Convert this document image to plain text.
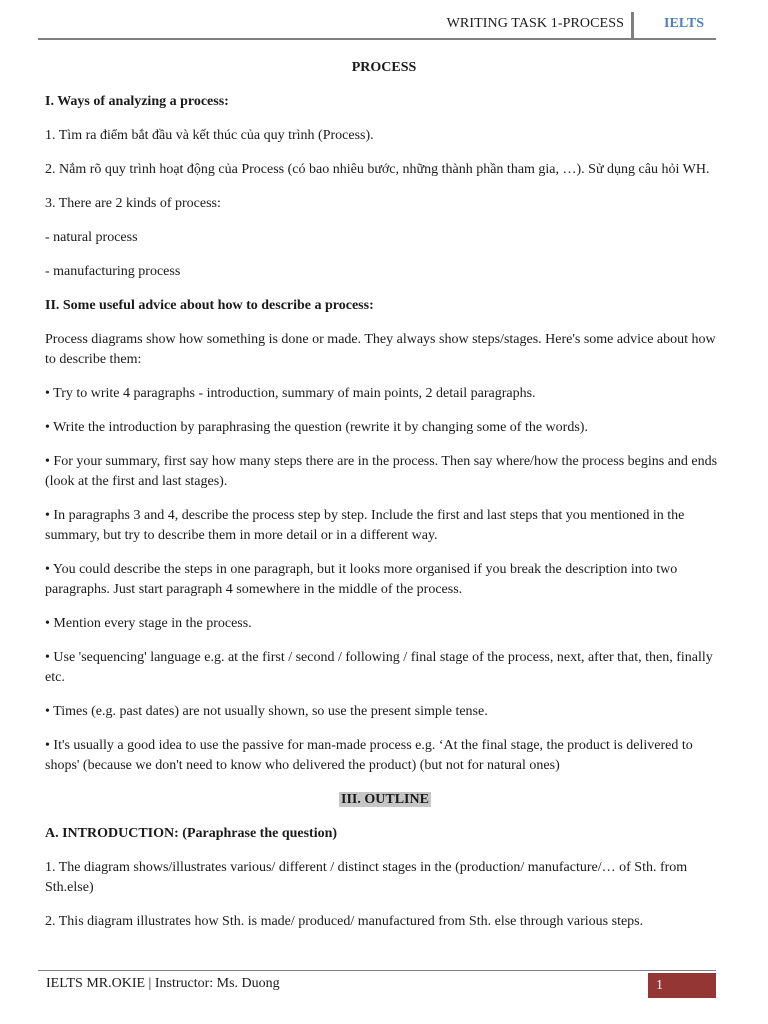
WRITING TASK 1-PROCESS	IELTS
PROCESS

I. Ways of analyzing a process:

1. Tìm ra điểm bắt đầu và kết thúc của quy trình (Process).

2. Nắm rõ quy trình hoạt động của Process (có bao nhiêu bước, những thành phần tham gia, …). Sử dụng câu hỏi WH.

3. There are 2 kinds of process:

- natural process

- manufacturing process

II. Some useful advice about how to describe a process:

Process diagrams show how something is done or made. They always show steps/stages. Here's some advice about how to describe them:

• Try to write 4 paragraphs - introduction, summary of main points, 2 detail paragraphs.

• Write the introduction by paraphrasing the question (rewrite it by changing some of the words).

• For your summary, first say how many steps there are in the process. Then say where/how the process begins and ends (look at the first and last stages).

• In paragraphs 3 and 4, describe the process step by step. Include the first and last steps that you mentioned in the summary, but try to describe them in more detail or in a different way.

• You could describe the steps in one paragraph, but it looks more organised if you break the description into two paragraphs. Just start paragraph 4 somewhere in the middle of the process.

• Mention every stage in the process.

• Use 'sequencing' language e.g. at the first / second / following / final stage of the process, next, after that, then, finally etc.

• Times (e.g. past dates) are not usually shown, so use the present simple tense.

• It's usually a good idea to use the passive for man-made process e.g. ‘At the final stage, the product is delivered to shops' (because we don't need to know who delivered the product) (but not for natural ones)

III. OUTLINE

A. INTRODUCTION: (Paraphrase the question)

1. The diagram shows/illustrates various/ different / distinct stages in the (production/ manufacture/… of Sth. from Sth.else)

2. This diagram illustrates how Sth. is made/ produced/ manufactured from Sth. else through various steps.

IELTS MR.OKIE | Instructor: Ms. Duong	1
